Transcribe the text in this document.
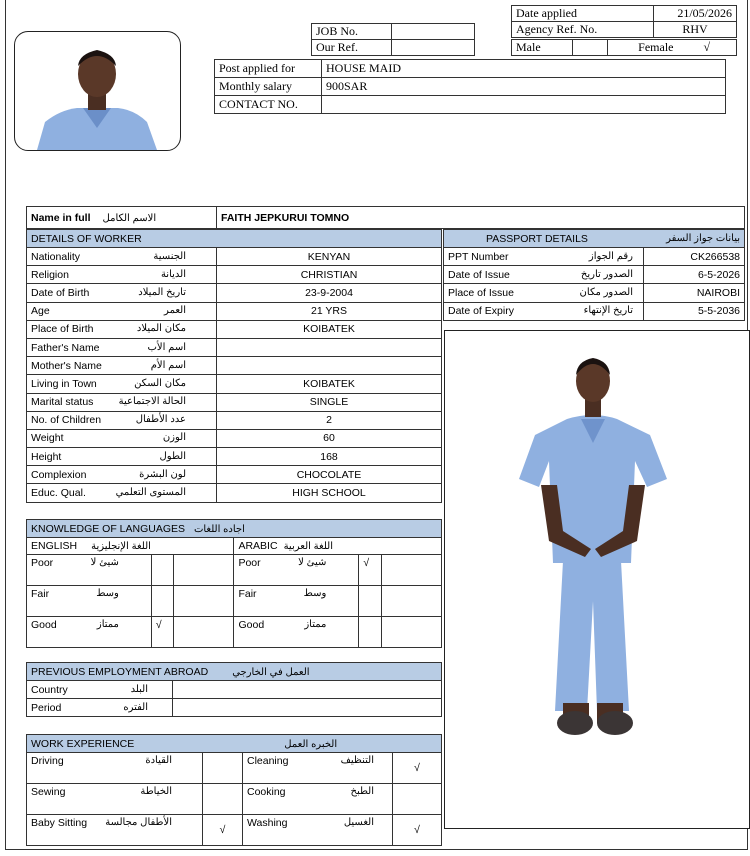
JOB No.	
Our Ref.	
Date applied	21/05/2026
Agency Ref. No.	RHV
Male		Female	√
Post applied for	HOUSE MAID
Monthly salary	900SAR
CONTACT NO.	
Name in full الاسم الكامل	FAITH JEPKURUI TOMNO
DETAILS OF WORKER	
Nationality الجنسية	KENYAN
Religion الديانة	CHRISTIAN
Date of Birth تاريخ الميلاد	23-9-2004
Age العمر	21 YRS
Place of Birth مكان الميلاد	KOIBATEK
Father's Name اسم الأب	

Mother's Name اسم الأم	

Living in Town مكان السكن	KOIBATEK
Marital status الحالة الاجتماعية	SINGLE
No. of Children عدد الأطفال	2
Weight الوزن	60
Height الطول	168
Complexion لون البشرة	CHOCOLATE
Educ. Qual. المستوى التعلمي	HIGH SCHOOL
PASSPORT DETAILS بيانات جواز السفر	

PPT Number رقم الجواز	CK266538
Date of Issue الصدور تاريخ	6-5-2026
Place of Issue الصدور مكان	NAIROBI
Date of Expiry تاريخ الإنتهاء	5-5-2036
KNOWLEDGE OF LANGUAGES اجاده اللغات					
ENGLISH اللغة الإنجليزية			ARABIC اللغة العربية		
Poor شيئ لا			Poor شيئ لا	√	
Fair وسط			Fair وسط		

Good ممتاز	√		Good ممتاز		

PREVIOUS EMPLOYMENT ABROAD العمل في الخارجي	
Country البلد	

Period الفتره	

WORK EXPERIENCE الخبره العمل			
Driving القيادة		Cleaning التنظيف	√
Sewing الخياطة		Cooking الطبخ	

Baby Sitting الأطفال مجالسة	√	Washing الغسيل	√
